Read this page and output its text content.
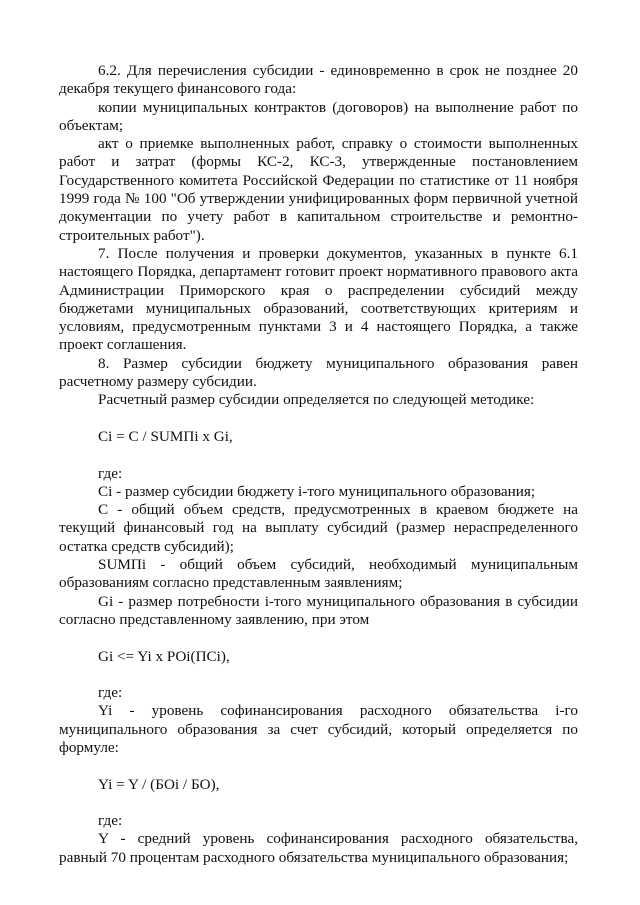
6.2. Для перечисления субсидии - единовременно в срок не позднее 20 декабря текущего финансового года:

копии муниципальных контрактов (договоров) на выполнение работ по объектам;

акт о приемке выполненных работ, справку о стоимости выполненных работ и затрат (формы КС-2, КС-3, утвержденные постановлением Государственного комитета Российской Федерации по статистике от 11 ноября 1999 года № 100 "Об утверждении унифицированных форм первичной учетной документации по учету работ в капитальном строительстве и ремонтно-строительных работ").

7. После получения и проверки документов, указанных в пункте 6.1 настоящего Порядка, департамент готовит проект нормативного правового акта Администрации Приморского края о распределении субсидий между бюджетами муниципальных образований, соответствующих критериям и условиям, предусмотренным пунктами 3 и 4 настоящего Порядка, а также проект соглашения.

8. Размер субсидии бюджету муниципального образования равен расчетному размеру субсидии.

Расчетный размер субсидии определяется по следующей методике:

Ci = C / SUMПi x Gi,

где:

Ci - размер субсидии бюджету i-того муниципального образования;

C - общий объем средств, предусмотренных в краевом бюджете на текущий финансовый год на выплату субсидий (размер нераспределенного остатка средств субсидий);

SUMПi - общий объем субсидий, необходимый муниципальным образованиям согласно представленным заявлениям;

Gi - размер потребности i-того муниципального образования в субсидии согласно представленному заявлению, при этом

Gi <= Yi x POi(ПCi),

где:

Yi - уровень софинансирования расходного обязательства i-го муниципального образования за счет субсидий, который определяется по формуле:

Yi = Y / (БOi / БO),

где:

Y - средний уровень софинансирования расходного обязательства, равный 70 процентам расходного обязательства муниципального образования;
